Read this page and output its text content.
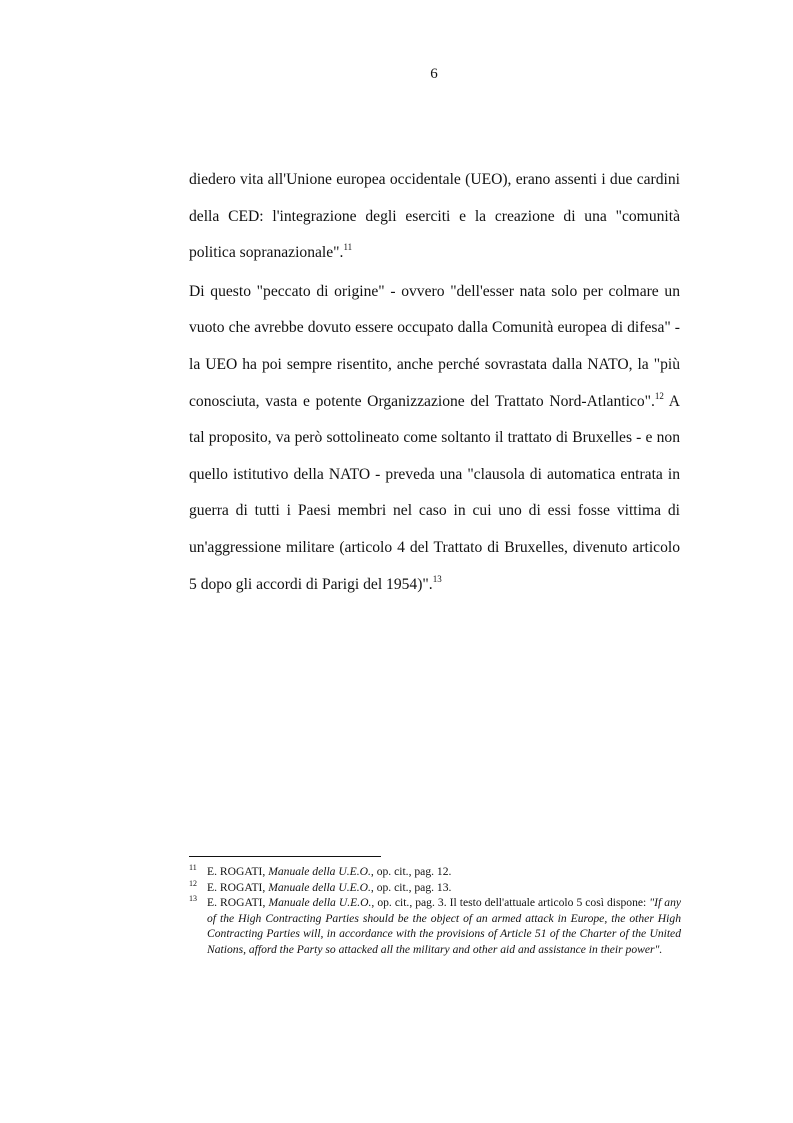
6

diedero vita all'Unione europea occidentale (UEO), erano assenti i due cardini della CED: l'integrazione degli eserciti e la creazione di una "comunità politica sopranazionale".$^{11}$

Di questo "peccato di origine" - ovvero "dell'esser nata solo per colmare un vuoto che avrebbe dovuto essere occupato dalla Comunità europea di difesa" - la UEO ha poi sempre risentito, anche perché sovrastata dalla NATO, la "più conosciuta, vasta e potente Organizzazione del Trattato Nord-Atlantico".$^{12}$ A tal proposito, va però sottolineato come soltanto il trattato di Bruxelles - e non quello istitutivo della NATO - preveda una "clausola di automatica entrata in guerra di tutti i Paesi membri nel caso in cui uno di essi fosse vittima di un'aggressione militare (articolo 4 del Trattato di Bruxelles, divenuto articolo 5 dopo gli accordi di Parigi del 1954)".$^{13}$

11 E. ROGATI, Manuale della U.E.O., op. cit., pag. 12.

12 E. ROGATI, Manuale della U.E.O., op. cit., pag. 13.

13 E. ROGATI, Manuale della U.E.O., op. cit., pag. 3. Il testo dell'attuale articolo 5 così dispone: "If any of the High Contracting Parties should be the object of an armed attack in Europe, the other High Contracting Parties will, in accordance with the provisions of Article 51 of the Charter of the United Nations, afford the Party so attacked all the military and other aid and assistance in their power".
